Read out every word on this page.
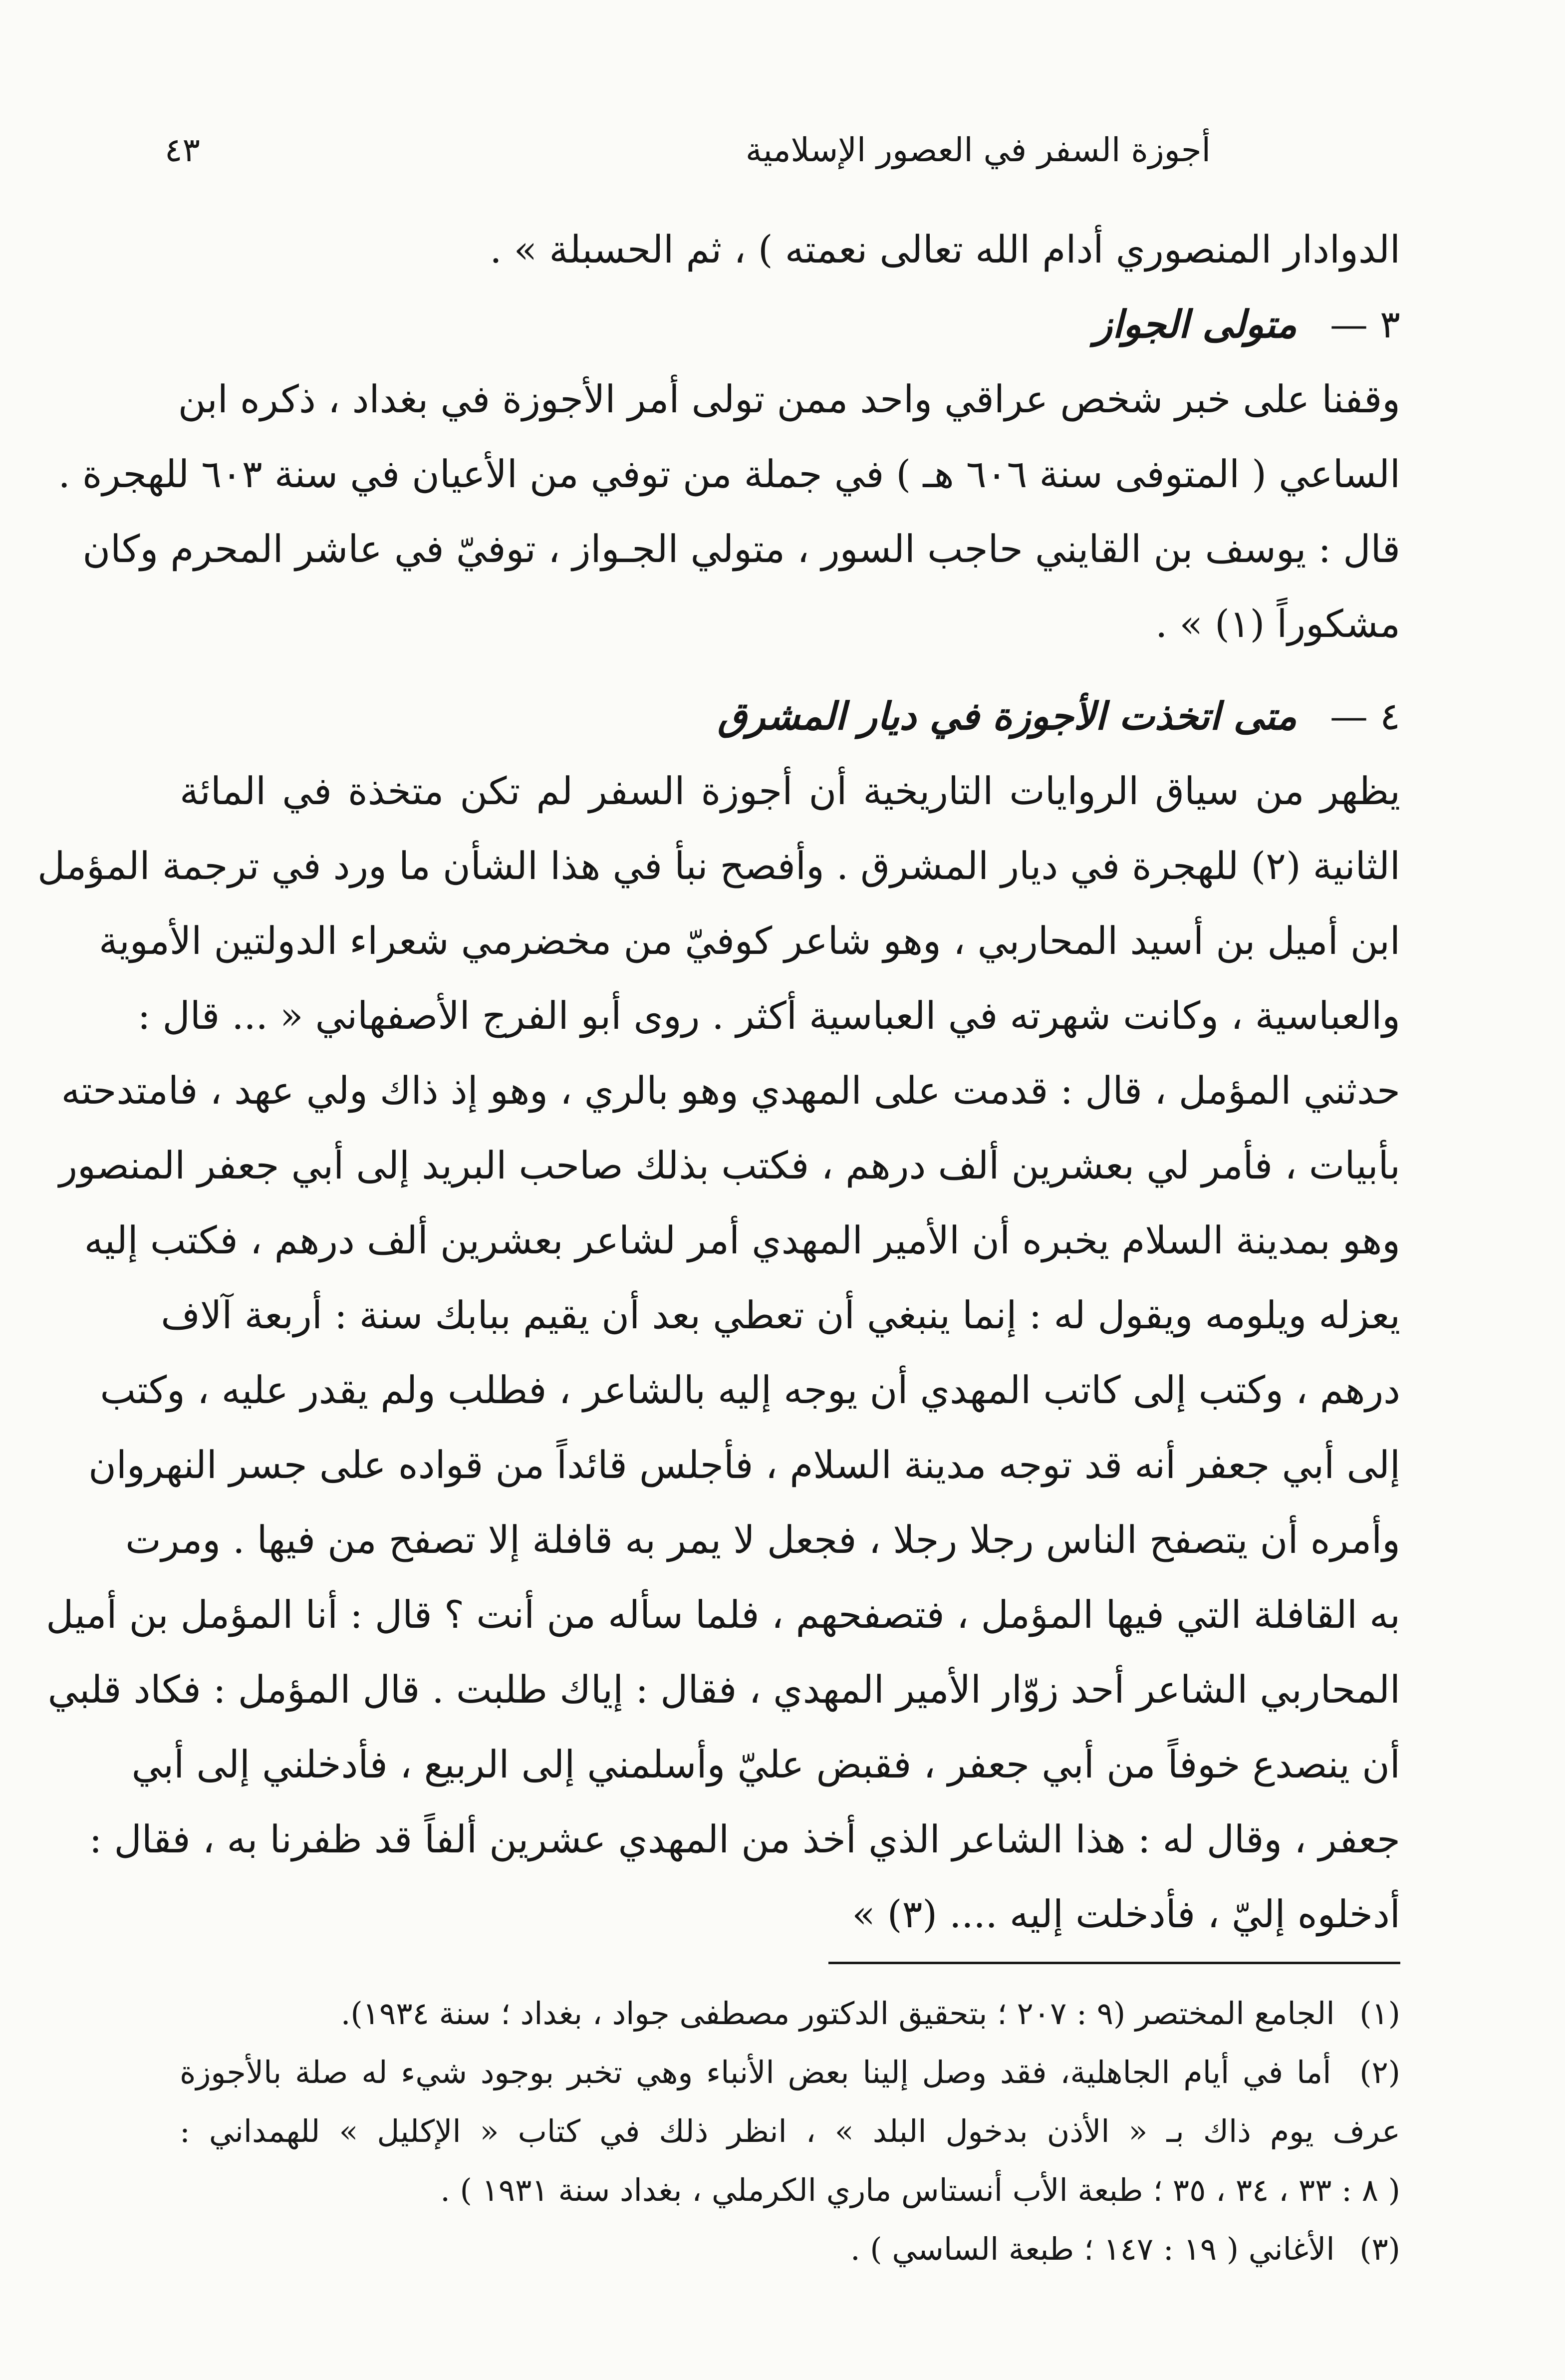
أجوزة السفر في العصور الإسلامية
٤٣
الدوادار المنصوري أدام الله تعالى نعمته ) ، ثم الحسبلة » .
٣ — متولى الجواز
وقفنا على خبر شخص عراقي واحد ممن تولى أمر الأجوزة في بغداد ، ذكره ابن
الساعي ( المتوفى سنة ٦٠٦ هـ ) في جملة من توفي من الأعيان في سنة ٦٠٣ للهجرة .
قال : يوسف بن القايني حاجب السور ، متولي الجـواز ، توفيّ في عاشر المحرم وكان
مشكوراً (١) » .
٤ — متى اتخذت الأجوزة في ديار المشرق
يظهر من سياق الروايات التاريخية أن أجوزة السفر لم تكن متخذة في المائة
الثانية (٢) للهجرة في ديار المشرق . وأفصح نبأ في هذا الشأن ما ورد في ترجمة المؤمل
ابن أميل بن أسيد المحاربي ، وهو شاعر كوفيّ من مخضرمي شعراء الدولتين الأموية
والعباسية ، وكانت شهرته في العباسية أكثر . روى أبو الفرج الأصفهاني « ... قال :
حدثني المؤمل ، قال : قدمت على المهدي وهو بالري ، وهو إذ ذاك ولي عهد ، فامتدحته
بأبيات ، فأمر لي بعشرين ألف درهم ، فكتب بذلك صاحب البريد إلى أبي جعفر المنصور
وهو بمدينة السلام يخبره أن الأمير المهدي أمر لشاعر بعشرين ألف درهم ، فكتب إليه
يعزله ويلومه ويقول له : إنما ينبغي أن تعطي بعد أن يقيم ببابك سنة : أربعة آلاف
درهم ، وكتب إلى كاتب المهدي أن يوجه إليه بالشاعر ، فطلب ولم يقدر عليه ، وكتب
إلى أبي جعفر أنه قد توجه مدينة السلام ، فأجلس قائداً من قواده على جسر النهروان
وأمره أن يتصفح الناس رجلا رجلا ، فجعل لا يمر به قافلة إلا تصفح من فيها . ومرت
به القافلة التي فيها المؤمل ، فتصفحهم ، فلما سأله من أنت ؟ قال : أنا المؤمل بن أميل
المحاربي الشاعر أحد زوّار الأمير المهدي ، فقال : إياك طلبت . قال المؤمل : فكاد قلبي
أن ينصدع خوفاً من أبي جعفر ، فقبض عليّ وأسلمني إلى الربيع ، فأدخلني إلى أبي
جعفر ، وقال له : هذا الشاعر الذي أخذ من المهدي عشرين ألفاً قد ظفرنا به ، فقال :
أدخلوه إليّ ، فأدخلت إليه .... (٣) »
(١) الجامع المختصر (٩ : ٢٠٧ ؛ بتحقيق الدكتور مصطفى جواد ، بغداد ؛ سنة ١٩٣٤).
(٢) أما في أيام الجاهلية، فقد وصل إلينا بعض الأنباء وهي تخبر بوجود شيء له صلة بالأجوزة
عرف يوم ذاك بـ « الأذن بدخول البلد » ، انظر ذلك في كتاب « الإكليل » للهمداني :
( ٨ : ٣٣ ، ٣٤ ، ٣٥ ؛ طبعة الأب أنستاس ماري الكرملي ، بغداد سنة ١٩٣١ ) .
(٣) الأغاني ( ١٩ : ١٤٧ ؛ طبعة الساسي ) .
